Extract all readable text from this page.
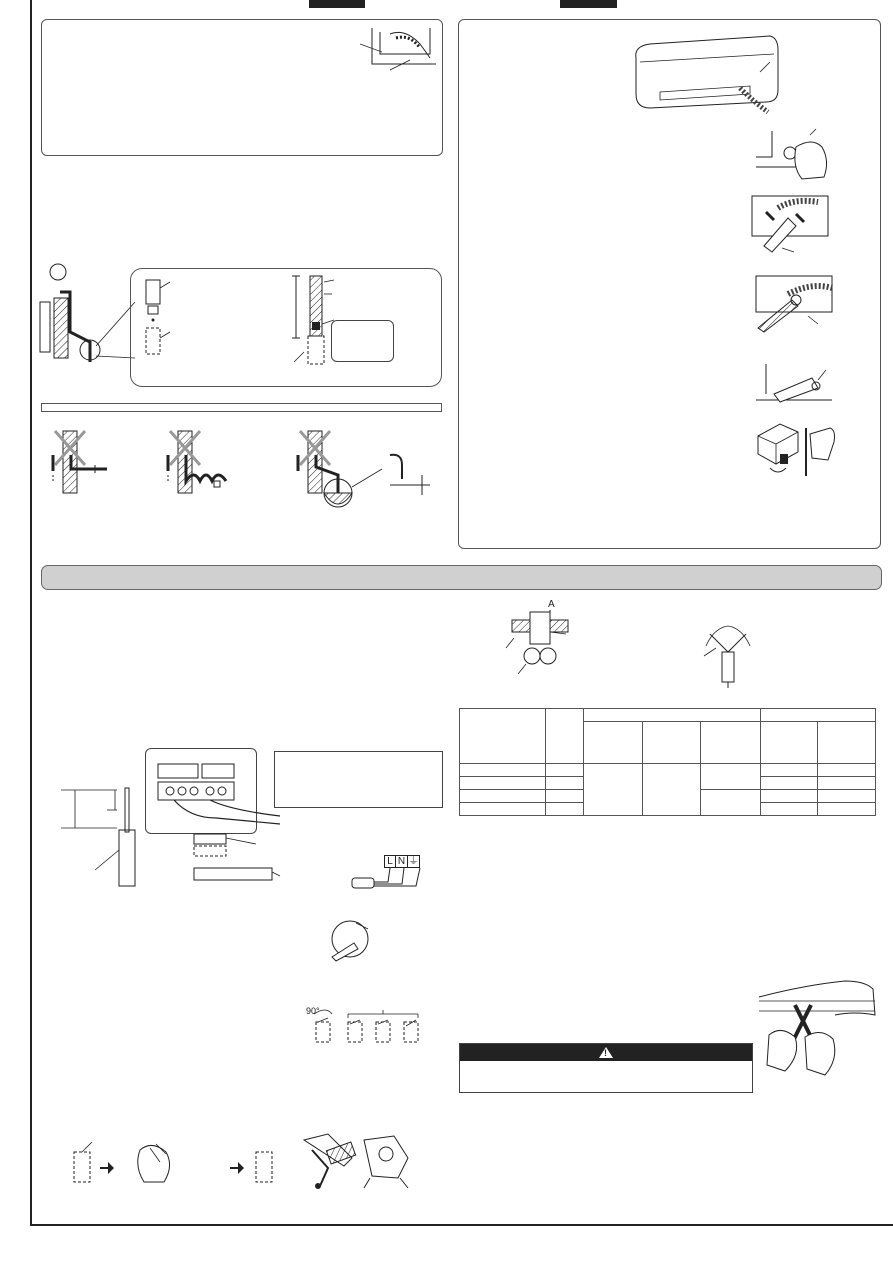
L N ⏚
90°
A

!
